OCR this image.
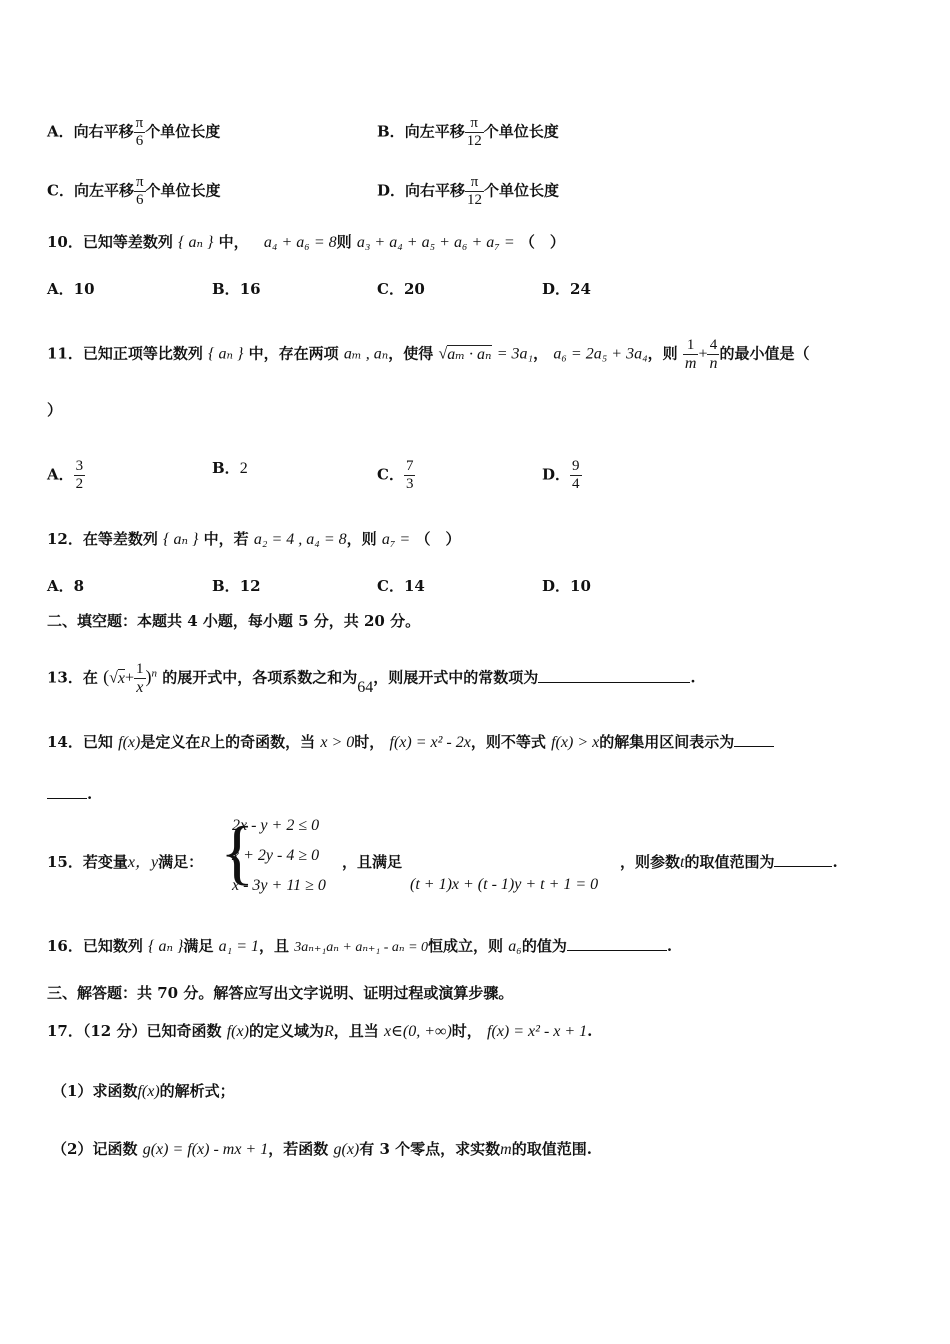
A．向右平移 $\frac{\pi}{6}$ 个单位长度	B．向左平移 $\frac{\pi}{12}$ 个单位长度
C．向左平移 $\frac{\pi}{6}$ 个单位长度	D．向右平移 $\frac{\pi}{12}$ 个单位长度
10．已知等差数列 { aₙ } 中， a₄ + a₆ = 8则 a₃ + a₄ + a₅ + a₆ + a₇ = （　）
A．10	B．16	C．20	D．24
11．已知正项等比数列 { aₙ } 中，存在两项 aₘ , aₙ，使得 √aₘ · aₙ = 3a₁， a₆ = 2a₅ + 3a₄，则 $\frac{1}{m} + \frac{4}{n}$ 的最小值是（
）
A． $\frac{3}{2}$	B．2	C． $\frac{7}{3}$	D． $\frac{9}{4}$
12．在等差数列 { aₙ } 中，若 a₂ = 4 , a₄ = 8，则 a₇ = （　）
A．8	B．12	C．14	D．10
二、填空题：本题共 4 小题，每小题 5 分，共 20 分。
13．在 $(√x+ \frac{1}{x} )^n$ 的展开式中，各项系数之和为64，则展开式中的常数项为	.
14．已知 f(x)是定义在R上的奇函数，当 x > 0时， f(x) = x² - 2x，则不等式 f(x) > x的解集用区间表示为
.
15．若变量x，y满足： {
2x - y + 2 ≤ 0
x + 2y - 4 ≥ 0
x - 3y + 11 ≥ 0
，且满足
(t + 1)x + (t - 1)y + t + 1 = 0
，则参数t的取值范围为	.
16．已知数列 { aₙ }满足 a₁ = 1，且 3aₙ₊₁aₙ + aₙ₊₁ - aₙ = 0恒成立，则 a₆的值为	.
三、解答题：共 70 分。解答应写出文字说明、证明过程或演算步骤。
17．（12 分）已知奇函数 f(x)的定义域为R，且当 x∈(0, +∞)时， f(x) = x² - x + 1.
（1）求函数f(x)的解析式；
（2）记函数 g(x) = f(x) - mx + 1，若函数 g(x)有 3 个零点，求实数m的取值范围.
